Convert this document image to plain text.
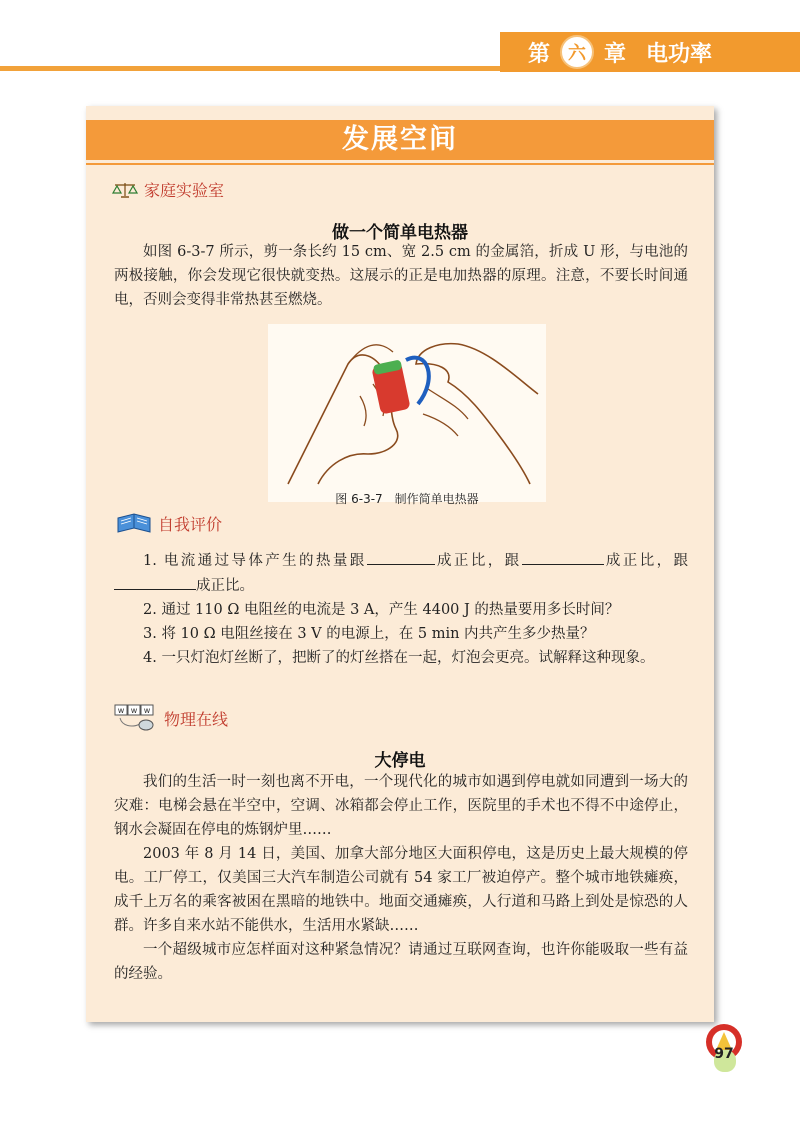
第	六 章 电功率
发展空间
家庭实验室
做一个简单电热器

如图 6-3-7 所示，剪一条长约 15 cm、宽 2.5 cm 的金属箔，折成 U 形，与电池的两极接触，你会发现它很快就变热。这展示的正是电加热器的原理。注意，不要长时间通电，否则会变得非常热甚至燃烧。

图 6-3-7　制作简单电热器
自我评价

1. 电流通过导体产生的热量跟	成正比，跟	成正比，跟成正比。

2. 通过 110 Ω 电阻丝的电流是 3 A，产生 4400 J 的热量要用多长时间？

3. 将 10 Ω 电阻丝接在 3 V 的电源上，在 5 min 内共产生多少热量？

4. 一只灯泡灯丝断了，把断了的灯丝搭在一起，灯泡会更亮。试解释这种现象。

w w w 物理在线
大停电

我们的生活一时一刻也离不开电，一个现代化的城市如遇到停电就如同遭到一场大的灾难：电梯会悬在半空中，空调、冰箱都会停止工作，医院里的手术也不得不中途停止，钢水会凝固在停电的炼钢炉里……

2003 年 8 月 14 日，美国、加拿大部分地区大面积停电，这是历史上最大规模的停电。工厂停工，仅美国三大汽车制造公司就有 54 家工厂被迫停产。整个城市地铁瘫痪，成千上万名的乘客被困在黑暗的地铁中。地面交通瘫痪，人行道和马路上到处是惊恐的人群。许多自来水站不能供水，生活用水紧缺……

一个超级城市应怎样面对这种紧急情况？请通过互联网查询，也许你能吸取一些有益的经验。

97
